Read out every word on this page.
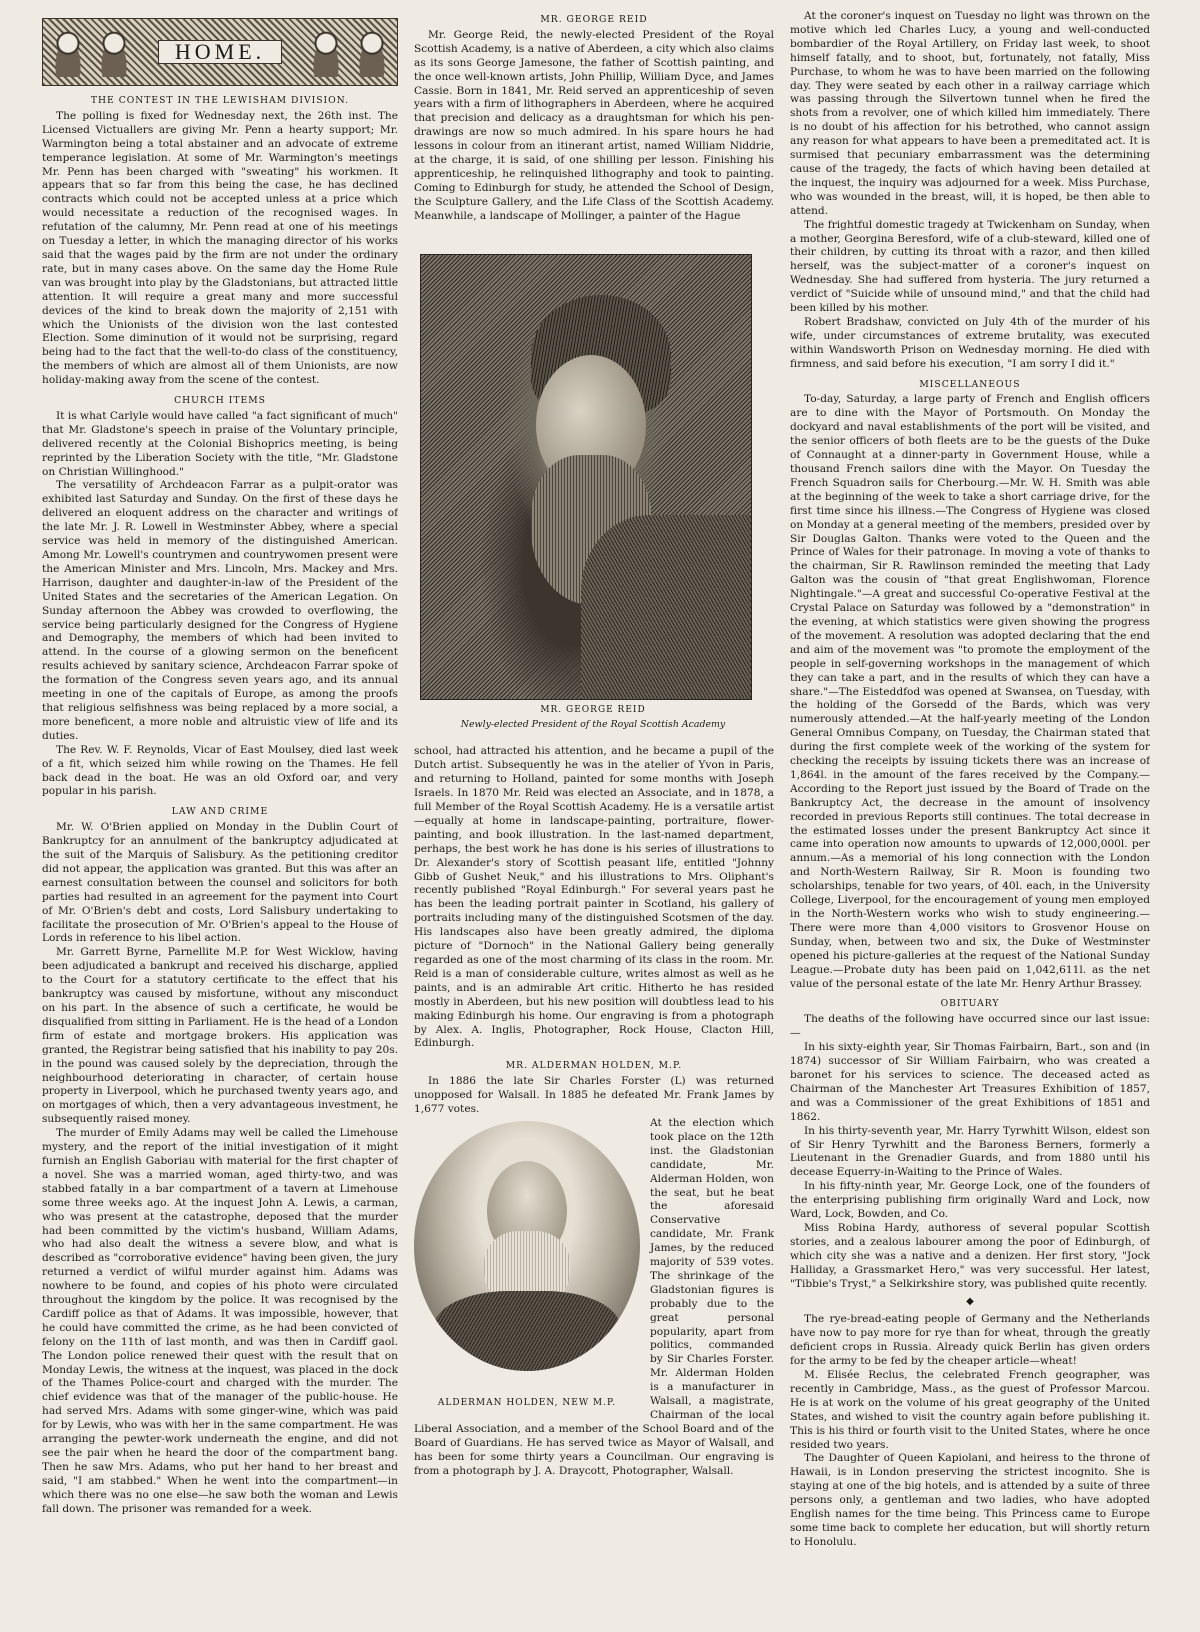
HOME.
THE CONTEST IN THE LEWISHAM DIVISION.

The polling is fixed for Wednesday next, the 26th inst. The Licensed Victuallers are giving Mr. Penn a hearty support; Mr. Warmington being a total abstainer and an advocate of extreme temperance legislation. At some of Mr. Warmington's meetings Mr. Penn has been charged with "sweating" his workmen. It appears that so far from this being the case, he has declined contracts which could not be accepted unless at a price which would necessitate a reduction of the recognised wages. In refutation of the calumny, Mr. Penn read at one of his meetings on Tuesday a letter, in which the managing director of his works said that the wages paid by the firm are not under the ordinary rate, but in many cases above. On the same day the Home Rule van was brought into play by the Gladstonians, but attracted little attention. It will require a great many and more successful devices of the kind to break down the majority of 2,151 with which the Unionists of the division won the last contested Election. Some diminution of it would not be surprising, regard being had to the fact that the well-to-do class of the constituency, the members of which are almost all of them Unionists, are now holiday-making away from the scene of the contest.

CHURCH ITEMS

It is what Carlyle would have called "a fact significant of much" that Mr. Gladstone's speech in praise of the Voluntary principle, delivered recently at the Colonial Bishoprics meeting, is being reprinted by the Liberation Society with the title, "Mr. Gladstone on Christian Willinghood."

The versatility of Archdeacon Farrar as a pulpit-orator was exhibited last Saturday and Sunday. On the first of these days he delivered an eloquent address on the character and writings of the late Mr. J. R. Lowell in Westminster Abbey, where a special service was held in memory of the distinguished American. Among Mr. Lowell's countrymen and countrywomen present were the American Minister and Mrs. Lincoln, Mrs. Mackey and Mrs. Harrison, daughter and daughter-in-law of the President of the United States and the secretaries of the American Legation. On Sunday afternoon the Abbey was crowded to overflowing, the service being particularly designed for the Congress of Hygiene and Demography, the members of which had been invited to attend. In the course of a glowing sermon on the beneficent results achieved by sanitary science, Archdeacon Farrar spoke of the formation of the Congress seven years ago, and its annual meeting in one of the capitals of Europe, as among the proofs that religious selfishness was being replaced by a more social, a more beneficent, a more noble and altruistic view of life and its duties.

The Rev. W. F. Reynolds, Vicar of East Moulsey, died last week of a fit, which seized him while rowing on the Thames. He fell back dead in the boat. He was an old Oxford oar, and very popular in his parish.

LAW AND CRIME

Mr. W. O'Brien applied on Monday in the Dublin Court of Bankruptcy for an annulment of the bankruptcy adjudicated at the suit of the Marquis of Salisbury. As the petitioning creditor did not appear, the application was granted. But this was after an earnest consultation between the counsel and solicitors for both parties had resulted in an agreement for the payment into Court of Mr. O'Brien's debt and costs, Lord Salisbury undertaking to facilitate the prosecution of Mr. O'Brien's appeal to the House of Lords in reference to his libel action.

Mr. Garrett Byrne, Parnellite M.P. for West Wicklow, having been adjudicated a bankrupt and received his discharge, applied to the Court for a statutory certificate to the effect that his bankruptcy was caused by misfortune, without any misconduct on his part. In the absence of such a certificate, he would be disqualified from sitting in Parliament. He is the head of a London firm of estate and mortgage brokers. His application was granted, the Registrar being satisfied that his inability to pay 20s. in the pound was caused solely by the depreciation, through the neighbourhood deteriorating in character, of certain house property in Liverpool, which he purchased twenty years ago, and on mortgages of which, then a very advantageous investment, he subsequently raised money.

The murder of Emily Adams may well be called the Limehouse mystery, and the report of the initial investigation of it might furnish an English Gaboriau with material for the first chapter of a novel. She was a married woman, aged thirty-two, and was stabbed fatally in a bar compartment of a tavern at Limehouse some three weeks ago. At the inquest John A. Lewis, a carman, who was present at the catastrophe, deposed that the murder had been committed by the victim's husband, William Adams, who had also dealt the witness a severe blow, and what is described as "corroborative evidence" having been given, the jury returned a verdict of wilful murder against him. Adams was nowhere to be found, and copies of his photo were circulated throughout the kingdom by the police. It was recognised by the Cardiff police as that of Adams. It was impossible, however, that he could have committed the crime, as he had been convicted of felony on the 11th of last month, and was then in Cardiff gaol. The London police renewed their quest with the result that on Monday Lewis, the witness at the inquest, was placed in the dock of the Thames Police-court and charged with the murder. The chief evidence was that of the manager of the public-house. He had served Mrs. Adams with some ginger-wine, which was paid for by Lewis, who was with her in the same compartment. He was arranging the pewter-work underneath the engine, and did not see the pair when he heard the door of the compartment bang. Then he saw Mrs. Adams, who put her hand to her breast and said, "I am stabbed." When he went into the compartment—in which there was no one else—he saw both the woman and Lewis fall down. The prisoner was remanded for a week.

MR. GEORGE REID

Mr. George Reid, the newly-elected President of the Royal Scottish Academy, is a native of Aberdeen, a city which also claims as its sons George Jamesone, the father of Scottish painting, and the once well-known artists, John Phillip, William Dyce, and James Cassie. Born in 1841, Mr. Reid served an apprenticeship of seven years with a firm of lithographers in Aberdeen, where he acquired that precision and delicacy as a draughtsman for which his pen-drawings are now so much admired. In his spare hours he had lessons in colour from an itinerant artist, named William Niddrie, at the charge, it is said, of one shilling per lesson. Finishing his apprenticeship, he relinquished lithography and took to painting. Coming to Edinburgh for study, he attended the School of Design, the Sculpture Gallery, and the Life Class of the Scottish Academy. Meanwhile, a landscape of Mollinger, a painter of the Hague

MR. GEORGE REID
Newly-elected President of the Royal Scottish Academy

school, had attracted his attention, and he became a pupil of the Dutch artist. Subsequently he was in the atelier of Yvon in Paris, and returning to Holland, painted for some months with Joseph Israels. In 1870 Mr. Reid was elected an Associate, and in 1878, a full Member of the Royal Scottish Academy. He is a versatile artist—equally at home in landscape-painting, portraiture, flower-painting, and book illustration. In the last-named department, perhaps, the best work he has done is his series of illustrations to Dr. Alexander's story of Scottish peasant life, entitled "Johnny Gibb of Gushet Neuk," and his illustrations to Mrs. Oliphant's recently published "Royal Edinburgh." For several years past he has been the leading portrait painter in Scotland, his gallery of portraits including many of the distinguished Scotsmen of the day. His landscapes also have been greatly admired, the diploma picture of "Dornoch" in the National Gallery being generally regarded as one of the most charming of its class in the room. Mr. Reid is a man of considerable culture, writes almost as well as he paints, and is an admirable Art critic. Hitherto he has resided mostly in Aberdeen, but his new position will doubtless lead to his making Edinburgh his home. Our engraving is from a photograph by Alex. A. Inglis, Photographer, Rock House, Clacton Hill, Edinburgh.

MR. ALDERMAN HOLDEN, M.P.

In 1886 the late Sir Charles Forster (L) was returned unopposed for Walsall. In 1885 he defeated Mr. Frank James by 1,677 votes.

ALDERMAN HOLDEN, NEW M.P.

At the election which took place on the 12th inst. the Gladstonian candidate, Mr. Alderman Holden, won the seat, but he beat the aforesaid Conservative candidate, Mr. Frank James, by the reduced majority of 539 votes. The shrinkage of the Gladstonian figures is probably due to the great personal popularity, apart from politics, commanded by Sir Charles Forster. Mr. Alderman Holden is a manufacturer in Walsall, a magistrate, Chairman of the local Liberal Association, and a member of the School Board and of the Board of Guardians. He has served twice as Mayor of Walsall, and has been for some thirty years a Councilman. Our engraving is from a photograph by J. A. Draycott, Photographer, Walsall.

At the coroner's inquest on Tuesday no light was thrown on the motive which led Charles Lucy, a young and well-conducted bombardier of the Royal Artillery, on Friday last week, to shoot himself fatally, and to shoot, but, fortunately, not fatally, Miss Purchase, to whom he was to have been married on the following day. They were seated by each other in a railway carriage which was passing through the Silvertown tunnel when he fired the shots from a revolver, one of which killed him immediately. There is no doubt of his affection for his betrothed, who cannot assign any reason for what appears to have been a premeditated act. It is surmised that pecuniary embarrassment was the determining cause of the tragedy, the facts of which having been detailed at the inquest, the inquiry was adjourned for a week. Miss Purchase, who was wounded in the breast, will, it is hoped, be then able to attend.

The frightful domestic tragedy at Twickenham on Sunday, when a mother, Georgina Beresford, wife of a club-steward, killed one of their children, by cutting its throat with a razor, and then killed herself, was the subject-matter of a coroner's inquest on Wednesday. She had suffered from hysteria. The jury returned a verdict of "Suicide while of unsound mind," and that the child had been killed by his mother.

Robert Bradshaw, convicted on July 4th of the murder of his wife, under circumstances of extreme brutality, was executed within Wandsworth Prison on Wednesday morning. He died with firmness, and said before his execution, "I am sorry I did it."

MISCELLANEOUS

To-day, Saturday, a large party of French and English officers are to dine with the Mayor of Portsmouth. On Monday the dockyard and naval establishments of the port will be visited, and the senior officers of both fleets are to be the guests of the Duke of Connaught at a dinner-party in Government House, while a thousand French sailors dine with the Mayor. On Tuesday the French Squadron sails for Cherbourg.—Mr. W. H. Smith was able at the beginning of the week to take a short carriage drive, for the first time since his illness.—The Congress of Hygiene was closed on Monday at a general meeting of the members, presided over by Sir Douglas Galton. Thanks were voted to the Queen and the Prince of Wales for their patronage. In moving a vote of thanks to the chairman, Sir R. Rawlinson reminded the meeting that Lady Galton was the cousin of "that great Englishwoman, Florence Nightingale."—A great and successful Co-operative Festival at the Crystal Palace on Saturday was followed by a "demonstration" in the evening, at which statistics were given showing the progress of the movement. A resolution was adopted declaring that the end and aim of the movement was "to promote the employment of the people in self-governing workshops in the management of which they can take a part, and in the results of which they can have a share."—The Eisteddfod was opened at Swansea, on Tuesday, with the holding of the Gorsedd of the Bards, which was very numerously attended.—At the half-yearly meeting of the London General Omnibus Company, on Tuesday, the Chairman stated that during the first complete week of the working of the system for checking the receipts by issuing tickets there was an increase of 1,864l. in the amount of the fares received by the Company.—According to the Report just issued by the Board of Trade on the Bankruptcy Act, the decrease in the amount of insolvency recorded in previous Reports still continues. The total decrease in the estimated losses under the present Bankruptcy Act since it came into operation now amounts to upwards of 12,000,000l. per annum.—As a memorial of his long connection with the London and North-Western Railway, Sir R. Moon is founding two scholarships, tenable for two years, of 40l. each, in the University College, Liverpool, for the encouragement of young men employed in the North-Western works who wish to study engineering.—There were more than 4,000 visitors to Grosvenor House on Sunday, when, between two and six, the Duke of Westminster opened his picture-galleries at the request of the National Sunday League.—Probate duty has been paid on 1,042,611l. as the net value of the personal estate of the late Mr. Henry Arthur Brassey.

OBITUARY

The deaths of the following have occurred since our last issue:—

In his sixty-eighth year, Sir Thomas Fairbairn, Bart., son and (in 1874) successor of Sir William Fairbairn, who was created a baronet for his services to science. The deceased acted as Chairman of the Manchester Art Treasures Exhibition of 1857, and was a Commissioner of the great Exhibitions of 1851 and 1862.

In his thirty-seventh year, Mr. Harry Tyrwhitt Wilson, eldest son of Sir Henry Tyrwhitt and the Baroness Berners, formerly a Lieutenant in the Grenadier Guards, and from 1880 until his decease Equerry-in-Waiting to the Prince of Wales.

In his fifty-ninth year, Mr. George Lock, one of the founders of the enterprising publishing firm originally Ward and Lock, now Ward, Lock, Bowden, and Co.

Miss Robina Hardy, authoress of several popular Scottish stories, and a zealous labourer among the poor of Edinburgh, of which city she was a native and a denizen. Her first story, "Jock Halliday, a Grassmarket Hero," was very successful. Her latest, "Tibbie's Tryst," a Selkirkshire story, was published quite recently.

◆

The rye-bread-eating people of Germany and the Netherlands have now to pay more for rye than for wheat, through the greatly deficient crops in Russia. Already quick Berlin has given orders for the army to be fed by the cheaper article—wheat!

M. Elisée Reclus, the celebrated French geographer, was recently in Cambridge, Mass., as the guest of Professor Marcou. He is at work on the volume of his great geography of the United States, and wished to visit the country again before publishing it. This is his third or fourth visit to the United States, where he once resided two years.

The Daughter of Queen Kapiolani, and heiress to the throne of Hawaii, is in London preserving the strictest incognito. She is staying at one of the big hotels, and is attended by a suite of three persons only, a gentleman and two ladies, who have adopted English names for the time being. This Princess came to Europe some time back to complete her education, but will shortly return to Honolulu.
